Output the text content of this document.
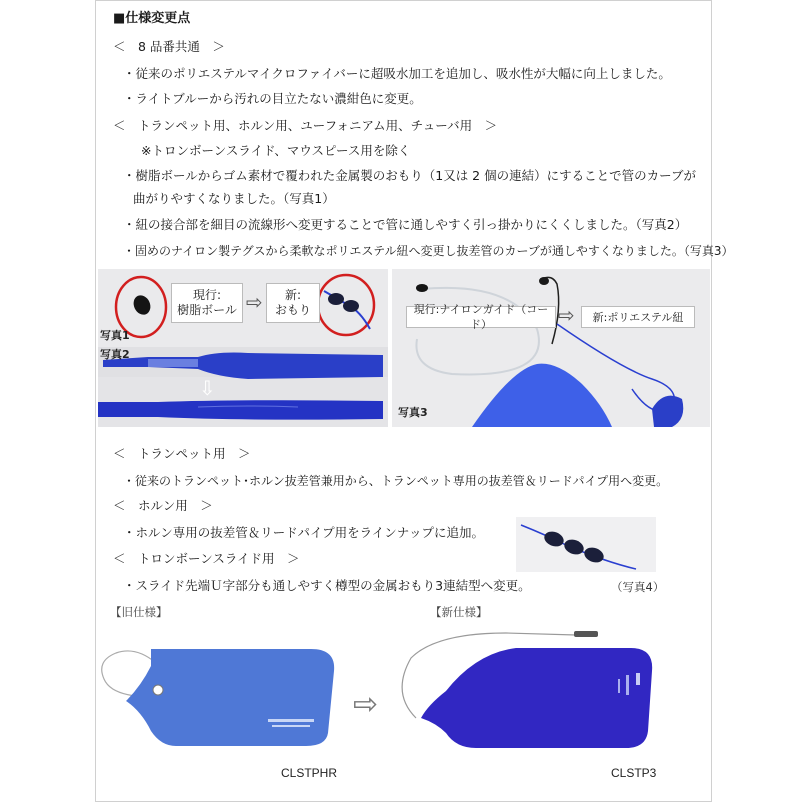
■仕様変更点
＜　8 品番共通　＞
・従来のポリエステルマイクロファイバーに超吸水加工を追加し、吸水性が大幅に向上しました。
・ライトブルーから汚れの目立たない濃紺色に変更。
＜　トランペット用、ホルン用、ユーフォニアム用、チューバ用　＞
※トロンボーンスライド、マウスピース用を除く
・樹脂ボールからゴム素材で覆われた金属製のおもり（1又は 2 個の連結）にすることで管のカーブが
曲がりやすくなりました。（写真1）
・紐の接合部を細目の流線形へ変更することで管に通しやすく引っ掛かりにくくしました。（写真2）
・固めのナイロン製テグスから柔軟なポリエステル紐へ変更し抜差管のカーブが通しやすくなりました。（写真3）
写真1
現行:
樹脂ボール ⇨	新:
おもり
写真2
⇩
現行:ナイロンガイド（コード）	⇨	新:ポリエステル紐
写真3
＜　トランペット用　＞
・従来のトランペット･ホルン抜差管兼用から、トランペット専用の抜差管＆リードパイプ用へ変更。
＜　ホルン用　＞
・ホルン専用の抜差管＆リードパイプ用をラインナップに追加。
＜　トロンボーンスライド用　＞
・スライド先端Ｕ字部分も通しやすく樽型の金属おもり3連結型へ変更。	（写真4）
【旧仕様】	【新仕様】
⇨
CLSTPHR	CLSTP3
